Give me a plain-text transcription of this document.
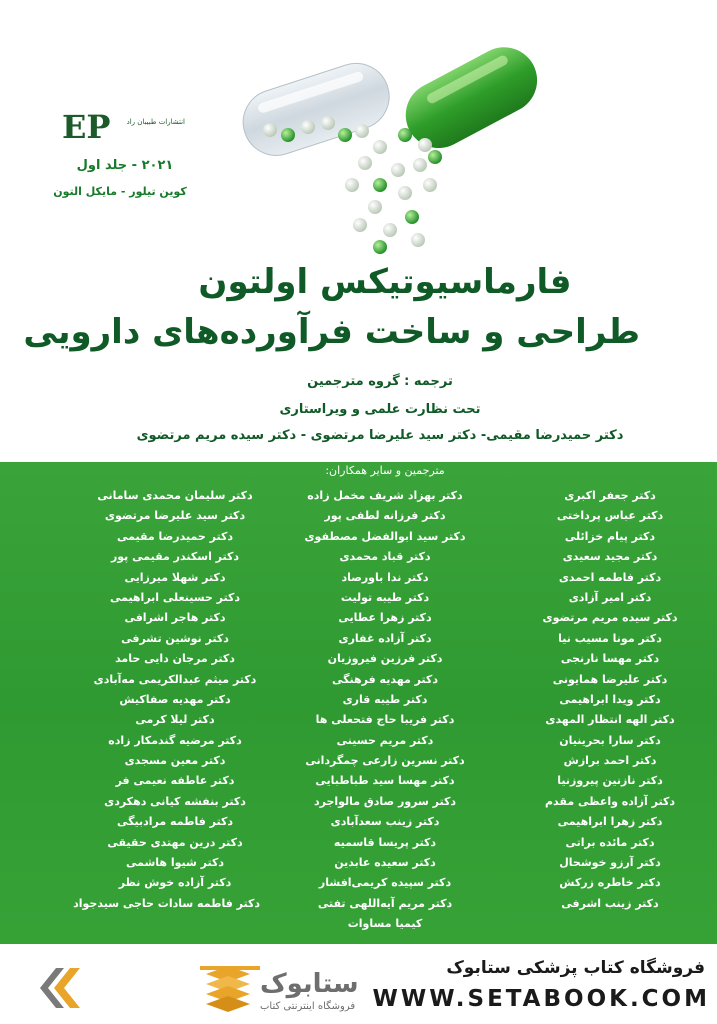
EP	انتشارات طبیبان راد
۲۰۲۱ - جلد اول
کوین تیلور - مایکل التون
فارماسیوتیکس اولتون
طراحی و ساخت فرآورده‌های دارویی
ترجمه : گروه مترجمین
تحت نظارت علمی و ویراستاری
دکتر حمیدرضا مقیمی- دکتر سید علیرضا مرتضوی - دکتر سیده مریم مرتضوی
مترجمین و سایر همکاران:
دکتر جعفر اکبری
دکتر عباس پرداختی
دکتر پیام خزائلی
دکتر مجید سعیدی
دکتر فاطمه احمدی
دکتر امیر آزادی
دکتر سیده مریم مرتضوی
دکتر مونا مسیب نیا
دکتر مهسا نارنجی
دکتر علیرضا همایونی
دکتر ویدا ابراهیمی
دکتر الهه انتظار المهدی
دکتر سارا بحرینیان
دکتر احمد برازش
دکتر نازنین پیروزنیا
دکتر آزاده واعظی مقدم
دکتر زهرا ابراهیمی
دکتر مائده براتی
دکتر آرزو خوشحال
دکتر خاطره زرکش
دکتر زینب اشرفی
دکتر بهزاد شریف مخمل زاده
دکتر فرزانه لطفی پور
دکتر سید ابوالفضل مصطفوی
دکتر قباد محمدی
دکتر ندا باورصاد
دکتر طیبه تولیت
دکتر زهرا عطایی
دکتر آزاده غفاری
دکتر فرزین فیروزیان
دکتر مهدیه فرهنگی
دکتر طیبه قاری
دکتر فریبا حاج فتحعلی ها
دکتر مریم حسینی
دکتر نسرین زارعی چمگردانی
دکتر مهسا سید طباطبایی
دکتر سرور صادق مالواجرد
دکتر زینب سعدآبادی
دکتر پریسا قاسمیه
دکتر سعیده عابدین
دکتر سپیده کریمی‌افشار
دکتر مریم آیه‌اللهی تفتی
کیمیا مساوات
دکتر سلیمان محمدی سامانی
دکتر سید علیرضا مرتضوی
دکتر حمیدرضا مقیمی
دکتر اسکندر مقیمی پور
دکتر شهلا میرزایی
دکتر حسینعلی ابراهیمی
دکتر هاجر اشرافی
دکتر نوشین تشرفی
دکتر مرجان دایی حامد
دکتر میثم عبدالکریمی مه‌آبادی
دکتر مهدیه صفاکیش
دکتر لیلا کرمی
دکتر مرضیه گندمکار زاده
دکتر معین مسجدی
دکتر عاطفه نعیمی فر
دکتر بنفشه کیانی دهکردی
دکتر فاطمه مرادبیگی
دکتر درین مهتدی حقیقی
دکتر شیوا هاشمی
دکتر آزاده خوش نظر
دکتر فاطمه سادات حاجی سیدجواد
ستابوک
فروشگاه اینترنتی کتاب
فروشگاه کتاب پزشکی ستابوک
WWW.SETABOOK.COM
